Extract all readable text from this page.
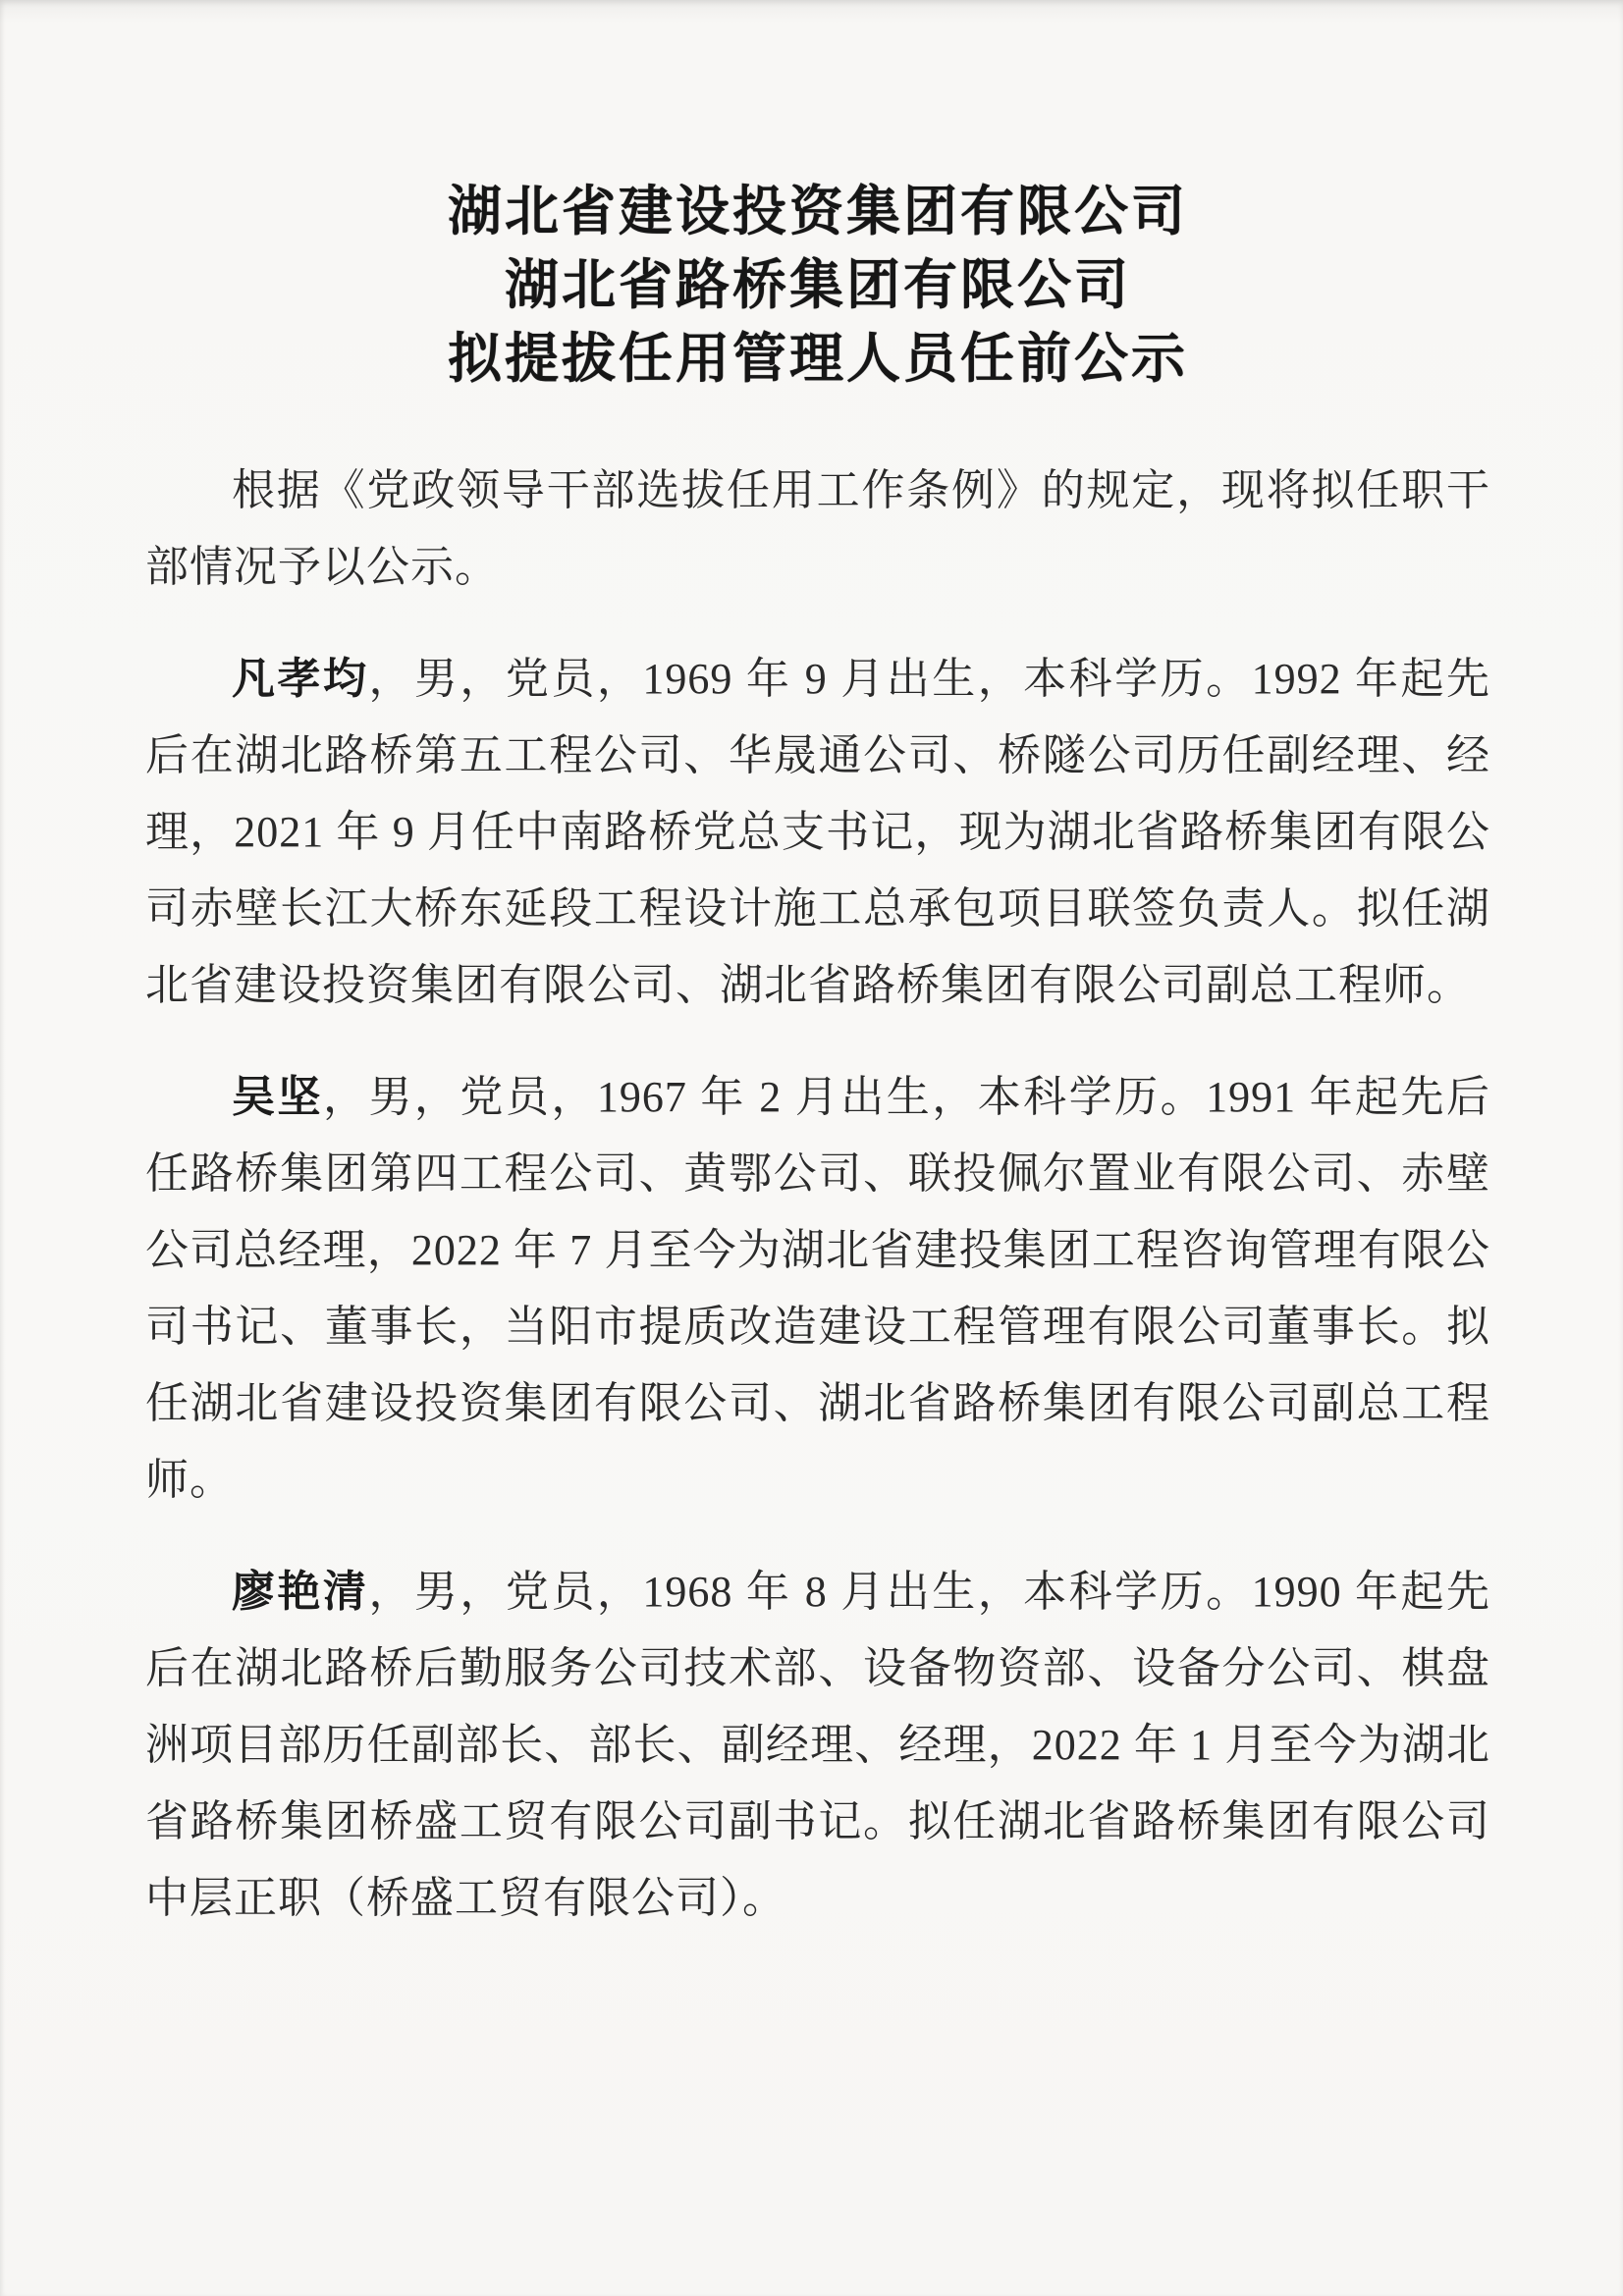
湖北省建设投资集团有限公司
湖北省路桥集团有限公司
拟提拔任用管理人员任前公示

根据《党政领导干部选拔任用工作条例》的规定，现将拟任职干部情况予以公示。

凡孝均，男，党员，1969 年 9 月出生，本科学历。1992 年起先后在湖北路桥第五工程公司、华晟通公司、桥隧公司历任副经理、经理，2021 年 9 月任中南路桥党总支书记，现为湖北省路桥集团有限公司赤壁长江大桥东延段工程设计施工总承包项目联签负责人。拟任湖北省建设投资集团有限公司、湖北省路桥集团有限公司副总工程师。

吴坚，男，党员，1967 年 2 月出生，本科学历。1991 年起先后任路桥集团第四工程公司、黄鄂公司、联投佩尔置业有限公司、赤壁公司总经理，2022 年 7 月至今为湖北省建投集团工程咨询管理有限公司书记、董事长，当阳市提质改造建设工程管理有限公司董事长。拟任湖北省建设投资集团有限公司、湖北省路桥集团有限公司副总工程师。

廖艳清，男，党员，1968 年 8 月出生，本科学历。1990 年起先后在湖北路桥后勤服务公司技术部、设备物资部、设备分公司、棋盘洲项目部历任副部长、部长、副经理、经理，2022 年 1 月至今为湖北省路桥集团桥盛工贸有限公司副书记。拟任湖北省路桥集团有限公司中层正职（桥盛工贸有限公司）。
